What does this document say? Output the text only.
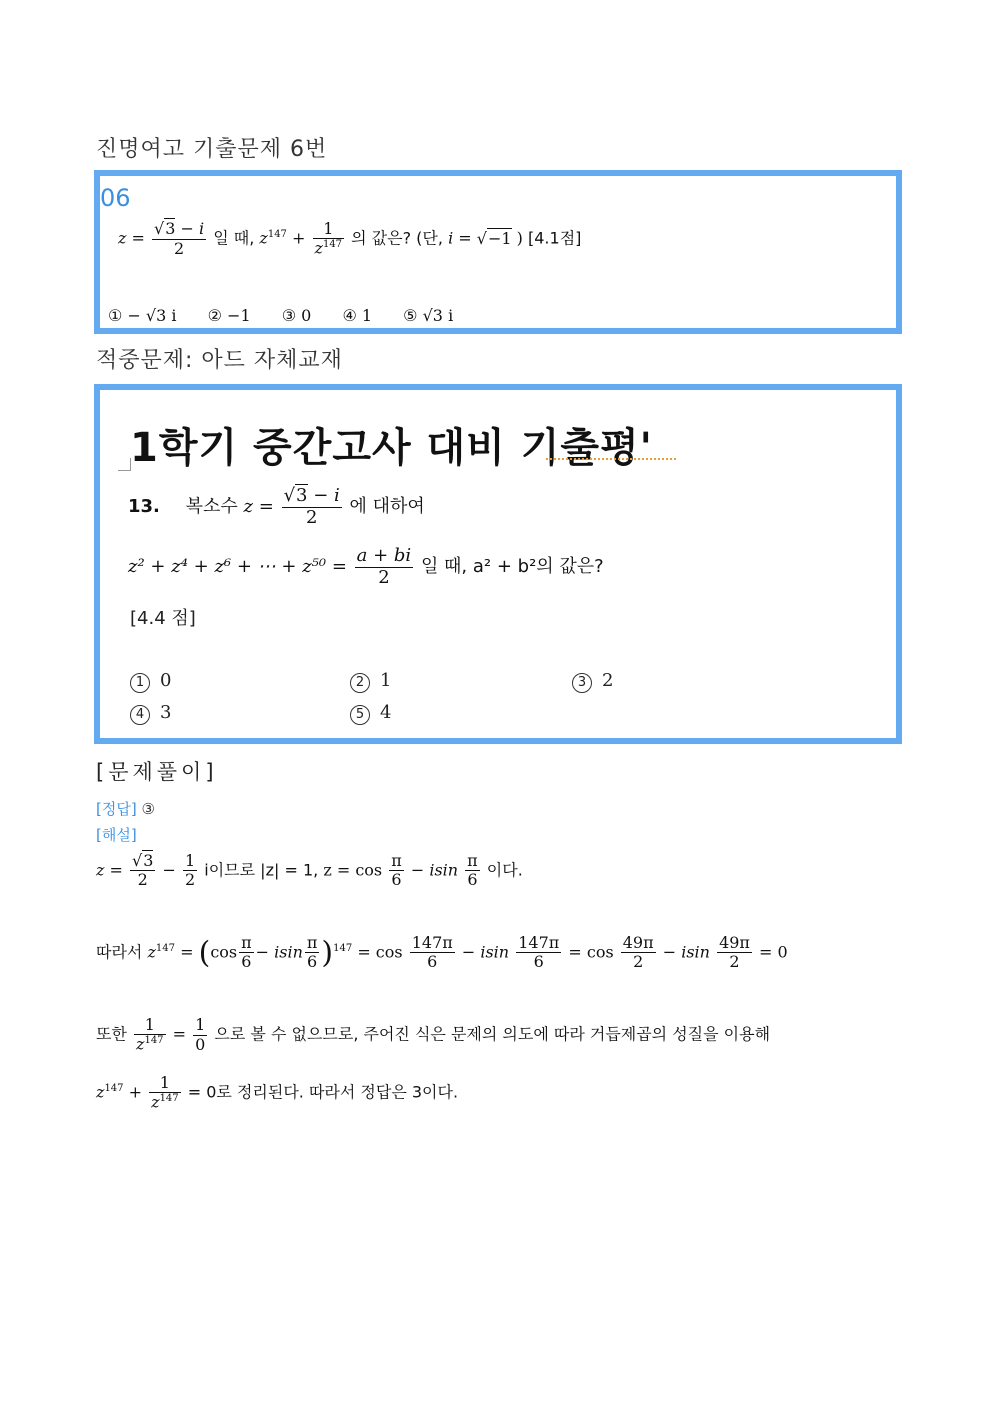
진명여고 기출문제 6번
06
$z = \frac{√3 - i}{2}$ 일 때, $z^{147} + \frac{1}{z^{147}}$ 의 값은? (단, i = √−1 ) [4.1점]
① − √3 i ② −1 ③ 0 ④ 1 ⑤ √3 i
적중문제: 아드 자체교재
1학기 중간고사 대비 기출평'
13. 복소수 $z = \frac{√3 - i}{2}$ 에 대하여
z² + z⁴ + z⁶ + ⋯ + $z^{50} = \frac{a + bi}{2}$ 일 때, a² + b²의 값은?
[4.4 점]
1 0	2 1	3 2
4 3	5 4
[문제풀이]
[정답] ③
[해설]
$z = \frac{√3}{2} - \frac{1}{2}$ i이므로 |z| = 1, $z = \cos \frac{\pi}{6} - isin \frac{\pi}{6}$ 이다.
따라서 $z^{147} = (\cos \frac{\pi}{6} - isin \frac{\pi}{6} )^{147} = \cos \frac{147\pi}{6} - isin \frac{147\pi}{6} = \cos \frac{49\pi}{2} - isin \frac{49\pi}{2} = 0$
또한 $\frac{1}{z^{147}} = \frac{1}{0}$ 으로 볼 수 없으므로, 주어진 식은 문제의 의도에 따라 거듭제곱의 성질을 이용해
$z^{147} + \frac{1}{z^{147}} = 0$로 정리된다. 따라서 정답은 3이다.
